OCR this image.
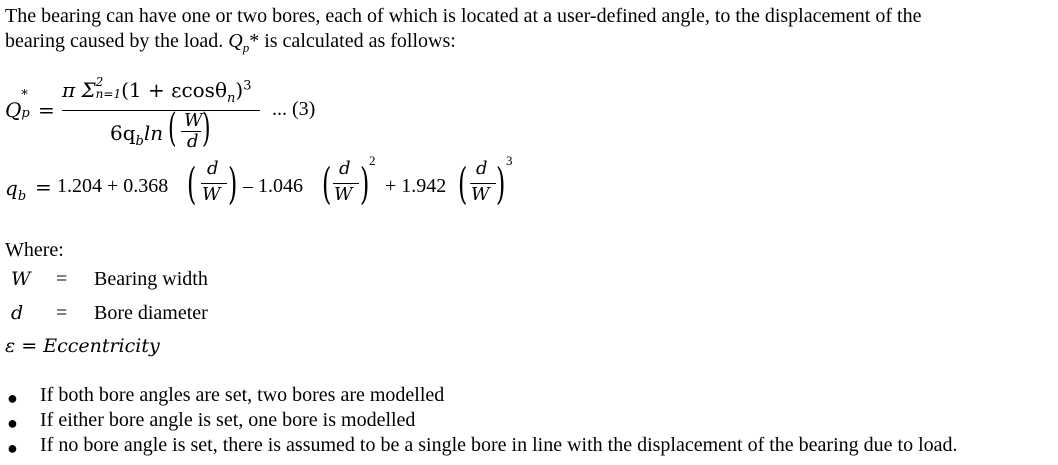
The bearing can have one or two bores, each of which is located at a user-defined angle, to the displacement of the
bearing caused by the load. $Q_p*$ is calculated as follows:
Q
*
p =
π Σ 2
n=1 $(1 + \varepsilon\cos\theta_n)^3$
$6q_b\ln$ ( W
d )	... (3)
$q_b = 1.204 + 0.368$ ( d
W ) – 1.046 ( d
W ) 2
+ 1.942 ( d
W ) 3
Where:
W = Bearing width
d = Bore diameter
ε = Eccentricity
● If both bore angles are set, two bores are modelled
● If either bore angle is set, one bore is modelled
● If no bore angle is set, there is assumed to be a single bore in line with the displacement of the bearing due to load.
